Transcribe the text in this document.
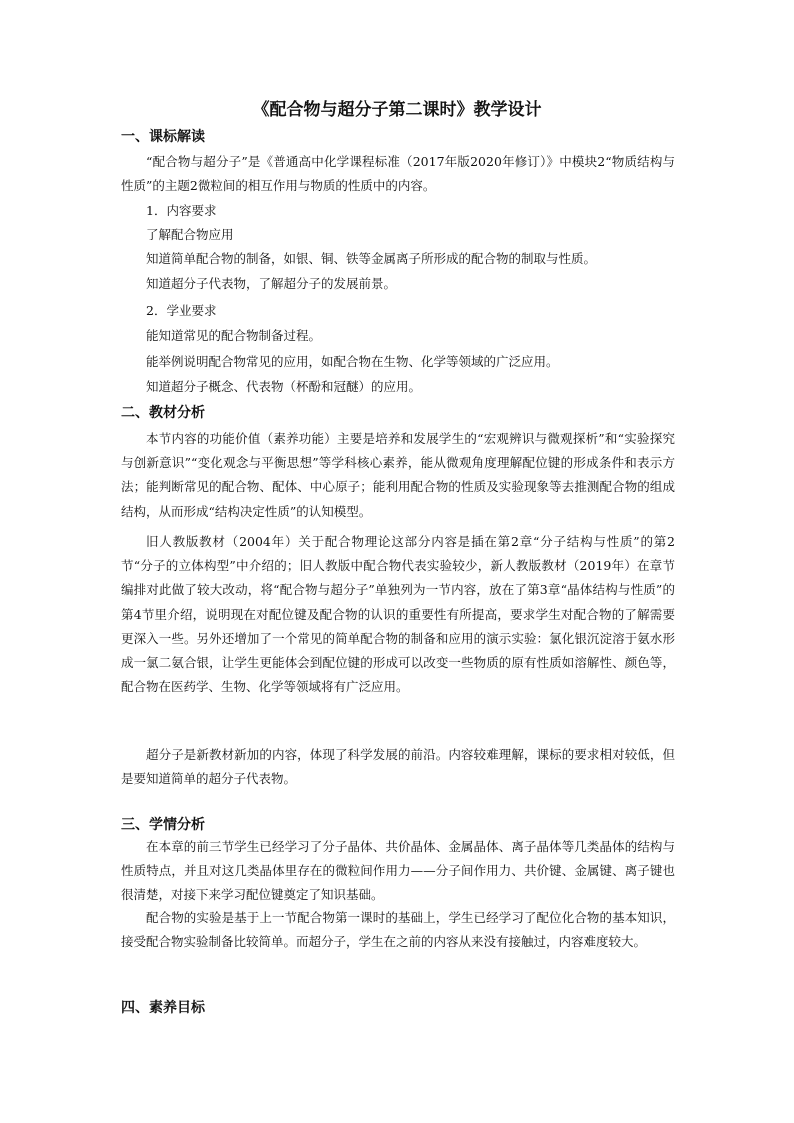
《配合物与超分子第二课时》教学设计
一、课标解读

“配合物与超分子”是《普通高中化学课程标准（2017年版2020年修订）》中模块2“物质结构与性质”的主题2微粒间的相互作用与物质的性质中的内容。

1．内容要求
了解配合物应用
知道简单配合物的制备，如银、铜、铁等金属离子所形成的配合物的制取与性质。
知道超分子代表物，了解超分子的发展前景。
2．学业要求
能知道常见的配合物制备过程。
能举例说明配合物常见的应用，如配合物在生物、化学等领域的广泛应用。
知道超分子概念、代表物（杯酚和冠醚）的应用。
二、教材分析

本节内容的功能价值（素养功能）主要是培养和发展学生的“宏观辨识与微观探析”和“实验探究与创新意识”“变化观念与平衡思想”等学科核心素养，能从微观角度理解配位键的形成条件和表示方法；能判断常见的配合物、配体、中心原子；能利用配合物的性质及实验现象等去推测配合物的组成结构，从而形成“结构决定性质”的认知模型。

旧人教版教材（2004年）关于配合物理论这部分内容是插在第2章“分子结构与性质”的第2节“分子的立体构型”中介绍的；旧人教版中配合物代表实验较少，新人教版教材（2019年）在章节编排对此做了较大改动，将“配合物与超分子”单独列为一节内容，放在了第3章“晶体结构与性质”的第4节里介绍，说明现在对配位键及配合物的认识的重要性有所提高，要求学生对配合物的了解需要更深入一些。另外还增加了一个常见的简单配合物的制备和应用的演示实验：氯化银沉淀溶于氨水形成一氯二氨合银，让学生更能体会到配位键的形成可以改变一些物质的原有性质如溶解性、颜色等，配合物在医药学、生物、化学等领域将有广泛应用。

超分子是新教材新加的内容，体现了科学发展的前沿。内容较难理解，课标的要求相对较低，但是要知道简单的超分子代表物。

三、学情分析

在本章的前三节学生已经学习了分子晶体、共价晶体、金属晶体、离子晶体等几类晶体的结构与性质特点，并且对这几类晶体里存在的微粒间作用力——分子间作用力、共价键、金属键、离子键也很清楚，对接下来学习配位键奠定了知识基础。

配合物的实验是基于上一节配合物第一课时的基础上，学生已经学习了配位化合物的基本知识，接受配合物实验制备比较简单。而超分子，学生在之前的内容从来没有接触过，内容难度较大。

四、素养目标
